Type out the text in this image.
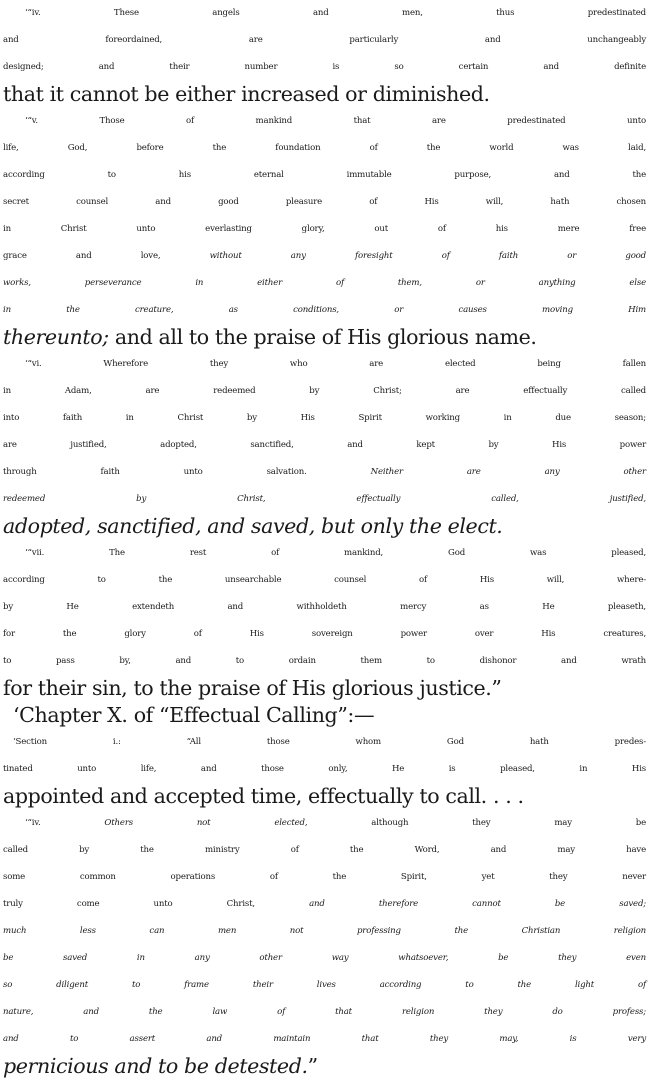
‘“iv. These angels and men, thus predestinated
and foreordained, are particularly and unchangeably
designed; and their number is so certain and definite
that it cannot be either increased or diminished.
‘“v. Those of mankind that are predestinated unto
life, God, before the foundation of the world was laid,
according to his eternal immutable purpose, and the
secret counsel and good pleasure of His will, hath chosen
in Christ unto everlasting glory, out of his mere free
grace and love, without any foresight of faith or good
works, perseverance in either of them, or anything else
in the creature, as conditions, or causes moving Him
thereunto; and all to the praise of His glorious name.
‘“vi. Wherefore they who are elected being fallen
in Adam, are redeemed by Christ; are effectually called
into faith in Christ by His Spirit working in due season;
are justified, adopted, sanctified, and kept by His power
through faith unto salvation. Neither are any other
redeemed by Christ, effectually called, justified,
adopted, sanctified, and saved, but only the elect.
‘“vii. The rest of mankind, God was pleased,
according to the unsearchable counsel of His will, where-
by He extendeth and withholdeth mercy as He pleaseth,
for the glory of His sovereign power over His creatures,
to pass by, and to ordain them to dishonor and wrath
for their sin, to the praise of His glorious justice.”
‘Chapter X. of “Effectual Calling”:—
‘Section i.: “All those whom God hath predes-
tinated unto life, and those only, He is pleased, in His
appointed and accepted time, effectually to call. . . .
‘“iv. Others not elected, although they may be
called by the ministry of the Word, and may have
some common operations of the Spirit, yet they never
truly come unto Christ, and therefore cannot be saved;
much less can men not professing the Christian religion
be saved in any other way whatsoever, be they even
so diligent to frame their lives according to the light of
nature, and the law of that religion they do profess;
and to assert and maintain that they may, is very
pernicious and to be detested.”
